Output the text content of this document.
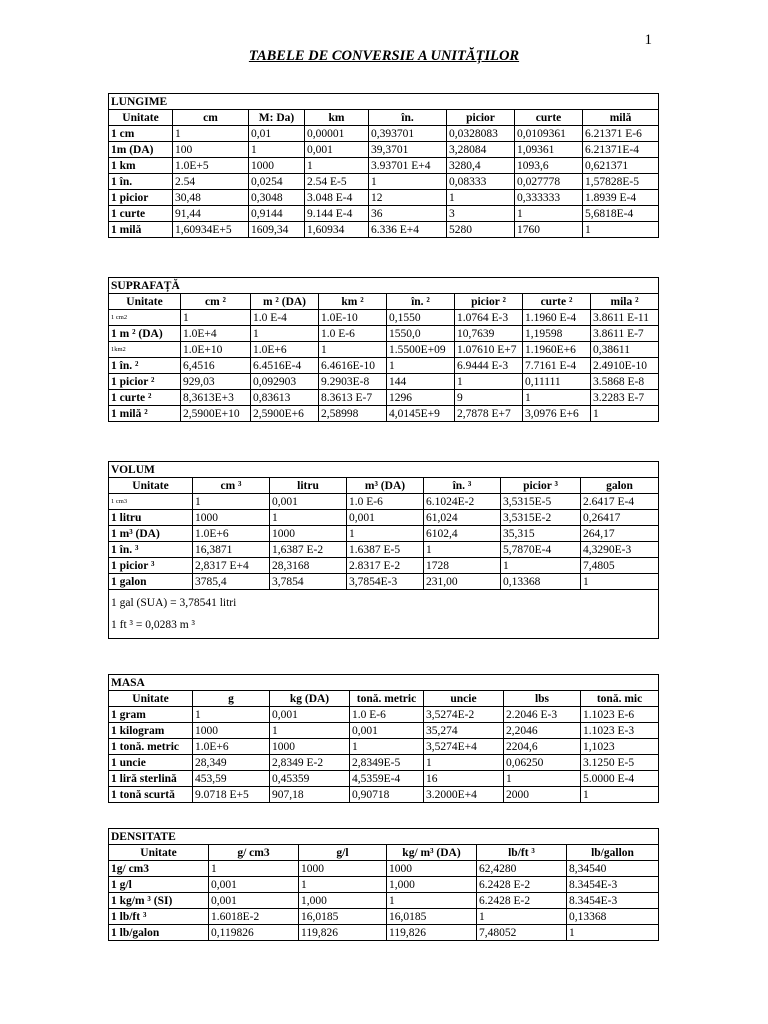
1
TABELE DE CONVERSIE A UNITĂȚILOR
LUNGIME							
Unitate	cm	M: Da)	km	în.	picior	curte	milă
1 cm	1	0,01	0,00001	0,393701	0,0328083	0,0109361	6.21371 E-6
1m (DA)	100	1	0,001	39,3701	3,28084	1,09361	6.21371E-4
1 km	1.0E+5	1000	1	3.93701 E+4	3280,4	1093,6	0,621371
1 în.	2.54	0,0254	2.54 E-5	1	0,08333	0,027778	1,57828E-5
1 picior	30,48	0,3048	3.048 E-4	12	1	0,333333	1.8939 E-4
1 curte	91,44	0,9144	9.144 E-4	36	3	1	5,6818E-4
1 milă	1,60934E+5	1609,34	1,60934	6.336 E+4	5280	1760	1
SUPRAFAȚĂ							
Unitate	cm ²	m ² (DA)	km ²	în. ²	picior ²	curte ²	mila ²
1 cm2	1	1.0 E-4	1.0E-10	0,1550	1.0764 E-3	1.1960 E-4	3.8611 E-11
1 m ² (DA)	1.0E+4	1	1.0 E-6	1550,0	10,7639	1,19598	3.8611 E-7
1km2	1.0E+10	1.0E+6	1	1.5500E+09	1.07610 E+7	1.1960E+6	0,38611
1 în. ²	6,4516	6.4516E-4	6.4616E-10	1	6.9444 E-3	7.7161 E-4	2.4910E-10
1 picior ²	929,03	0,092903	9.2903E-8	144	1	0,11111	3.5868 E-8
1 curte ²	8,3613E+3	0,83613	8.3613 E-7	1296	9	1	3.2283 E-7
1 milă ²	2,5900E+10	2,5900E+6	2,58998	4,0145E+9	2,7878 E+7	3,0976 E+6	1
VOLUM						
Unitate	cm ³	litru	m³ (DA)	în. ³	picior ³	galon
1 cm3	1	0,001	1.0 E-6	6.1024E-2	3,5315E-5	2.6417 E-4
1 litru	1000	1	0,001	61,024	3,5315E-2	0,26417
1 m³ (DA)	1.0E+6	1000	1	6102,4	35,315	264,17
1 în. ³	16,3871	1,6387 E-2	1.6387 E-5	1	5,7870E-4	4,3290E-3
1 picior ³	2,8317 E+4	28,3168	2.8317 E-2	1728	1	7,4805
1 galon	3785,4	3,7854	3,7854E-3	231,00	0,13368	1

1 gal (SUA) = 3,78541 litri
1 ft ³ = 0,0283 m ³						
MASA						
Unitate	g	kg (DA)	tonă. metric	uncie	lbs	tonă. mic
1 gram	1	0,001	1.0 E-6	3,5274E-2	2.2046 E-3	1.1023 E-6
1 kilogram	1000	1	0,001	35,274	2,2046	1.1023 E-3
1 tonă. metric	1.0E+6	1000	1	3,5274E+4	2204,6	1,1023
1 uncie	28,349	2,8349 E-2	2,8349E-5	1	0,06250	3.1250 E-5
1 liră sterlină	453,59	0,45359	4,5359E-4	16	1	5.0000 E-4
1 tonă scurtă	9.0718 E+5	907,18	0,90718	3.2000E+4	2000	1
DENSITATE					
Unitate	g/ cm3	g/l	kg/ m³ (DA)	lb/ft ³	lb/gallon
1g/ cm3	1	1000	1000	62,4280	8,34540
1 g/l	0,001	1	1,000	6.2428 E-2	8.3454E-3
1 kg/m ³ (SI)	0,001	1,000	1	6.2428 E-2	8.3454E-3
1 lb/ft ³	1.6018E-2	16,0185	16,0185	1	0,13368
1 lb/galon	0,119826	119,826	119,826	7,48052	1
